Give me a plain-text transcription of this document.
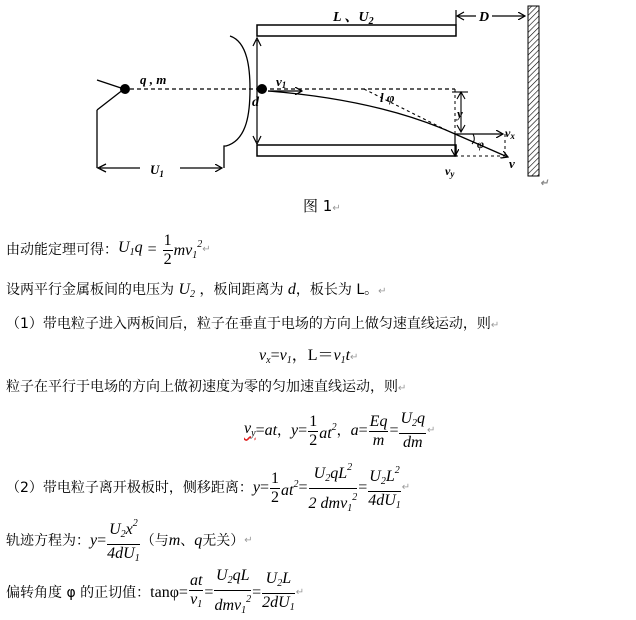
L 、$U_2$	D
q , m	v1
d	l φ
y
vx
φ
vy
v
$U_1$
↵
图 1↵
由动能定理可得： $U_1q = \frac{1}{2} mv_1^2$ ↵
设两平行金属板间的电压为 $U_2$ ，板间距离为 d，板长为 L。↵
（1）带电粒子进入两板间后，粒子在垂直于电场的方向上做匀速直线运动，则↵
$v_x=v_1$，$L=v_1t↵$
粒子在平行于电场的方向上做初速度为零的匀加速直线运动，则↵
$v_y$ = at ， $y = \frac{1}{2} at^2$ ， $a = \frac{Eq}{m} = \frac{U_2q}{dm}$ ↵
（2）带电粒子离开极板时，侧移距离： $y = \frac{1}{2} at^2 = \frac{U_2qL^2}{2 dmv_1^2} = \frac{U_2L^2}{4dU_1}$ ↵
轨迹方程为： $y = \frac{U_2x^2}{4dU_1}$ （与 m 、 q 无关） ↵
偏转角度 φ 的正切值： $\tan\varphi = \frac{at}{v_1} = \frac{U_2qL}{dmv_1^2} = \frac{U_2L}{2dU_1}$ ↵
